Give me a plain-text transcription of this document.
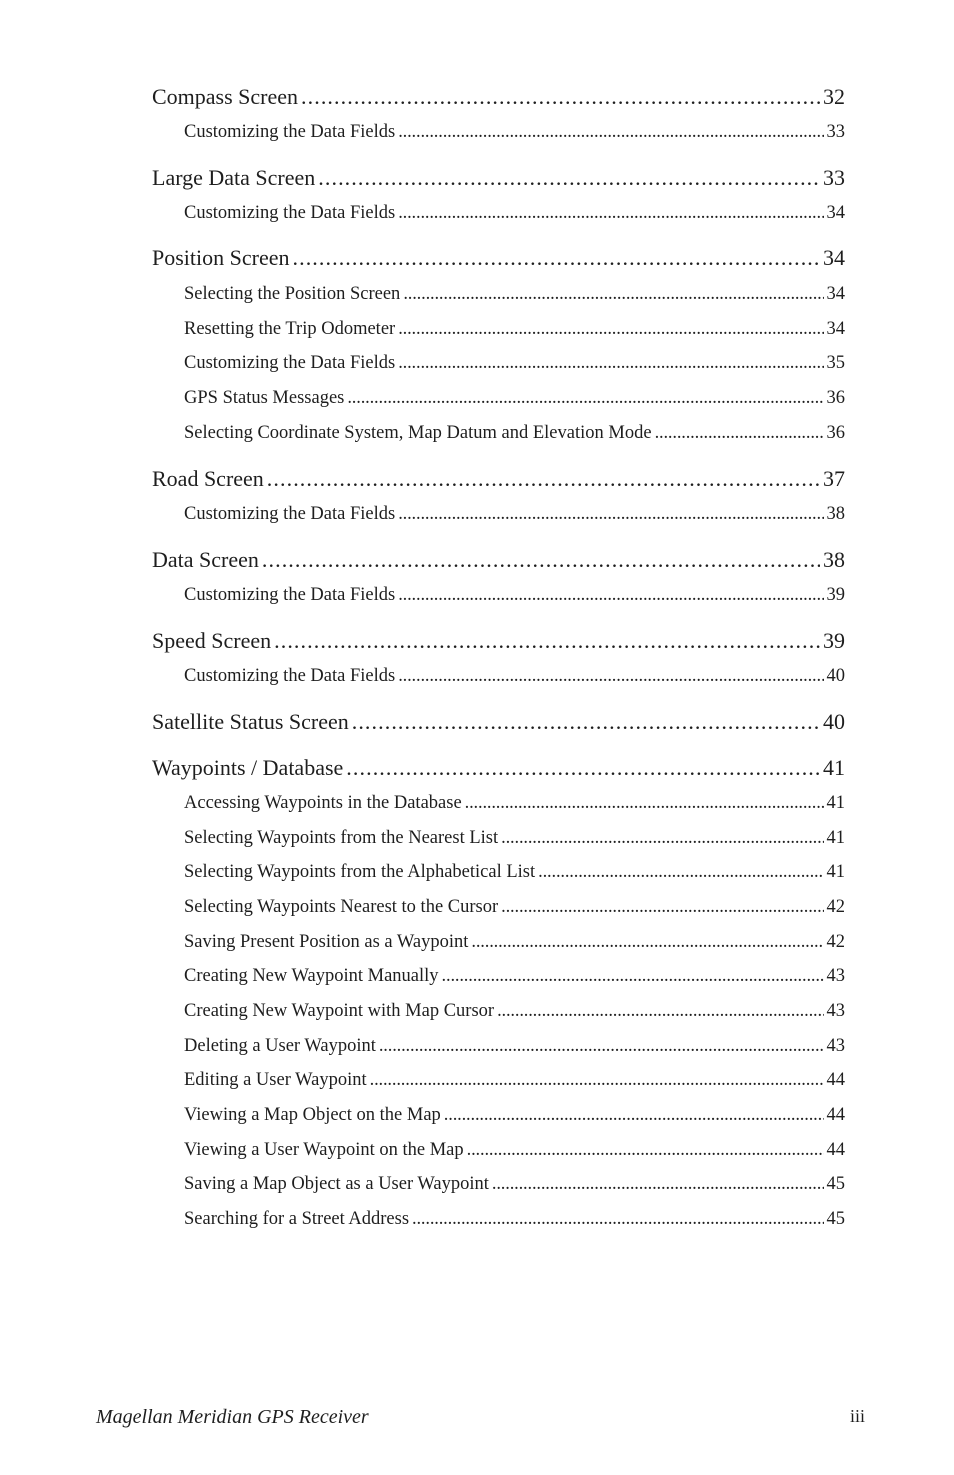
Compass Screen . . .	32
Customizing the Data Fields . . .	33
Large Data Screen . . .	33
Customizing the Data Fields . . .	34
Position Screen . . .	34
Selecting the Position Screen . . .	34
Resetting the Trip Odometer . . .	34
Customizing the Data Fields . . .	35
GPS Status Messages . . .	36
Selecting Coordinate System, Map Datum and Elevation Mode . . .	36
Road Screen . . .	37
Customizing the Data Fields . . .	38
Data Screen . . .	38
Customizing the Data Fields . . .	39
Speed Screen . . .	39
Customizing the Data Fields . . .	40
Satellite Status Screen . . .	40
Waypoints / Database . . .	41
Accessing Waypoints in the Database . . .	41
Selecting Waypoints from the Nearest List . . .	41
Selecting Waypoints from the Alphabetical List . . .	41
Selecting Waypoints Nearest to the Cursor . . .	42
Saving Present Position as a Waypoint . . .	42
Creating New Waypoint Manually . . .	43
Creating New Waypoint with Map Cursor . . .	43
Deleting a User Waypoint . . .	43
Editing a User Waypoint . . .	44
Viewing a Map Object on the Map . . .	44
Viewing a User Waypoint on the Map . . .	44
Saving a Map Object as a User Waypoint . . .	45
Searching for a Street Address . . .	45
Magellan Meridian GPS Receiver	iii
